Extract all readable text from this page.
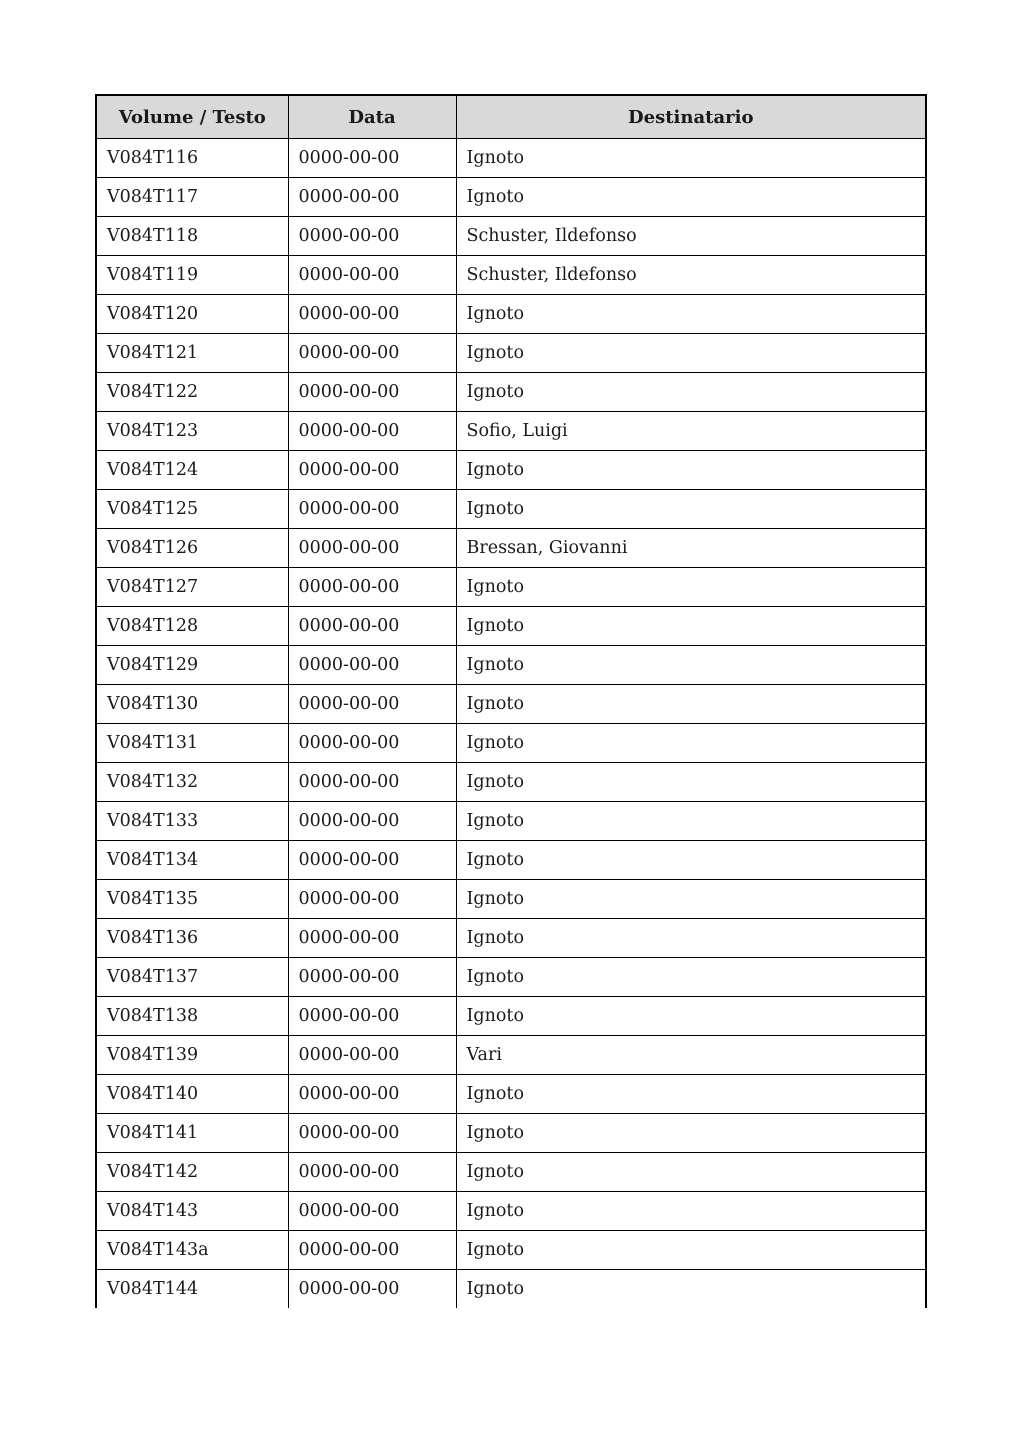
Volume / Testo	Data	Destinatario
V084T116	0000-00-00	Ignoto
V084T117	0000-00-00	Ignoto
V084T118	0000-00-00	Schuster, Ildefonso
V084T119	0000-00-00	Schuster, Ildefonso
V084T120	0000-00-00	Ignoto
V084T121	0000-00-00	Ignoto
V084T122	0000-00-00	Ignoto
V084T123	0000-00-00	Sofio, Luigi
V084T124	0000-00-00	Ignoto
V084T125	0000-00-00	Ignoto
V084T126	0000-00-00	Bressan, Giovanni
V084T127	0000-00-00	Ignoto
V084T128	0000-00-00	Ignoto
V084T129	0000-00-00	Ignoto
V084T130	0000-00-00	Ignoto
V084T131	0000-00-00	Ignoto
V084T132	0000-00-00	Ignoto
V084T133	0000-00-00	Ignoto
V084T134	0000-00-00	Ignoto
V084T135	0000-00-00	Ignoto
V084T136	0000-00-00	Ignoto
V084T137	0000-00-00	Ignoto
V084T138	0000-00-00	Ignoto
V084T139	0000-00-00	Vari
V084T140	0000-00-00	Ignoto
V084T141	0000-00-00	Ignoto
V084T142	0000-00-00	Ignoto
V084T143	0000-00-00	Ignoto
V084T143a	0000-00-00	Ignoto
V084T144	0000-00-00	Ignoto
